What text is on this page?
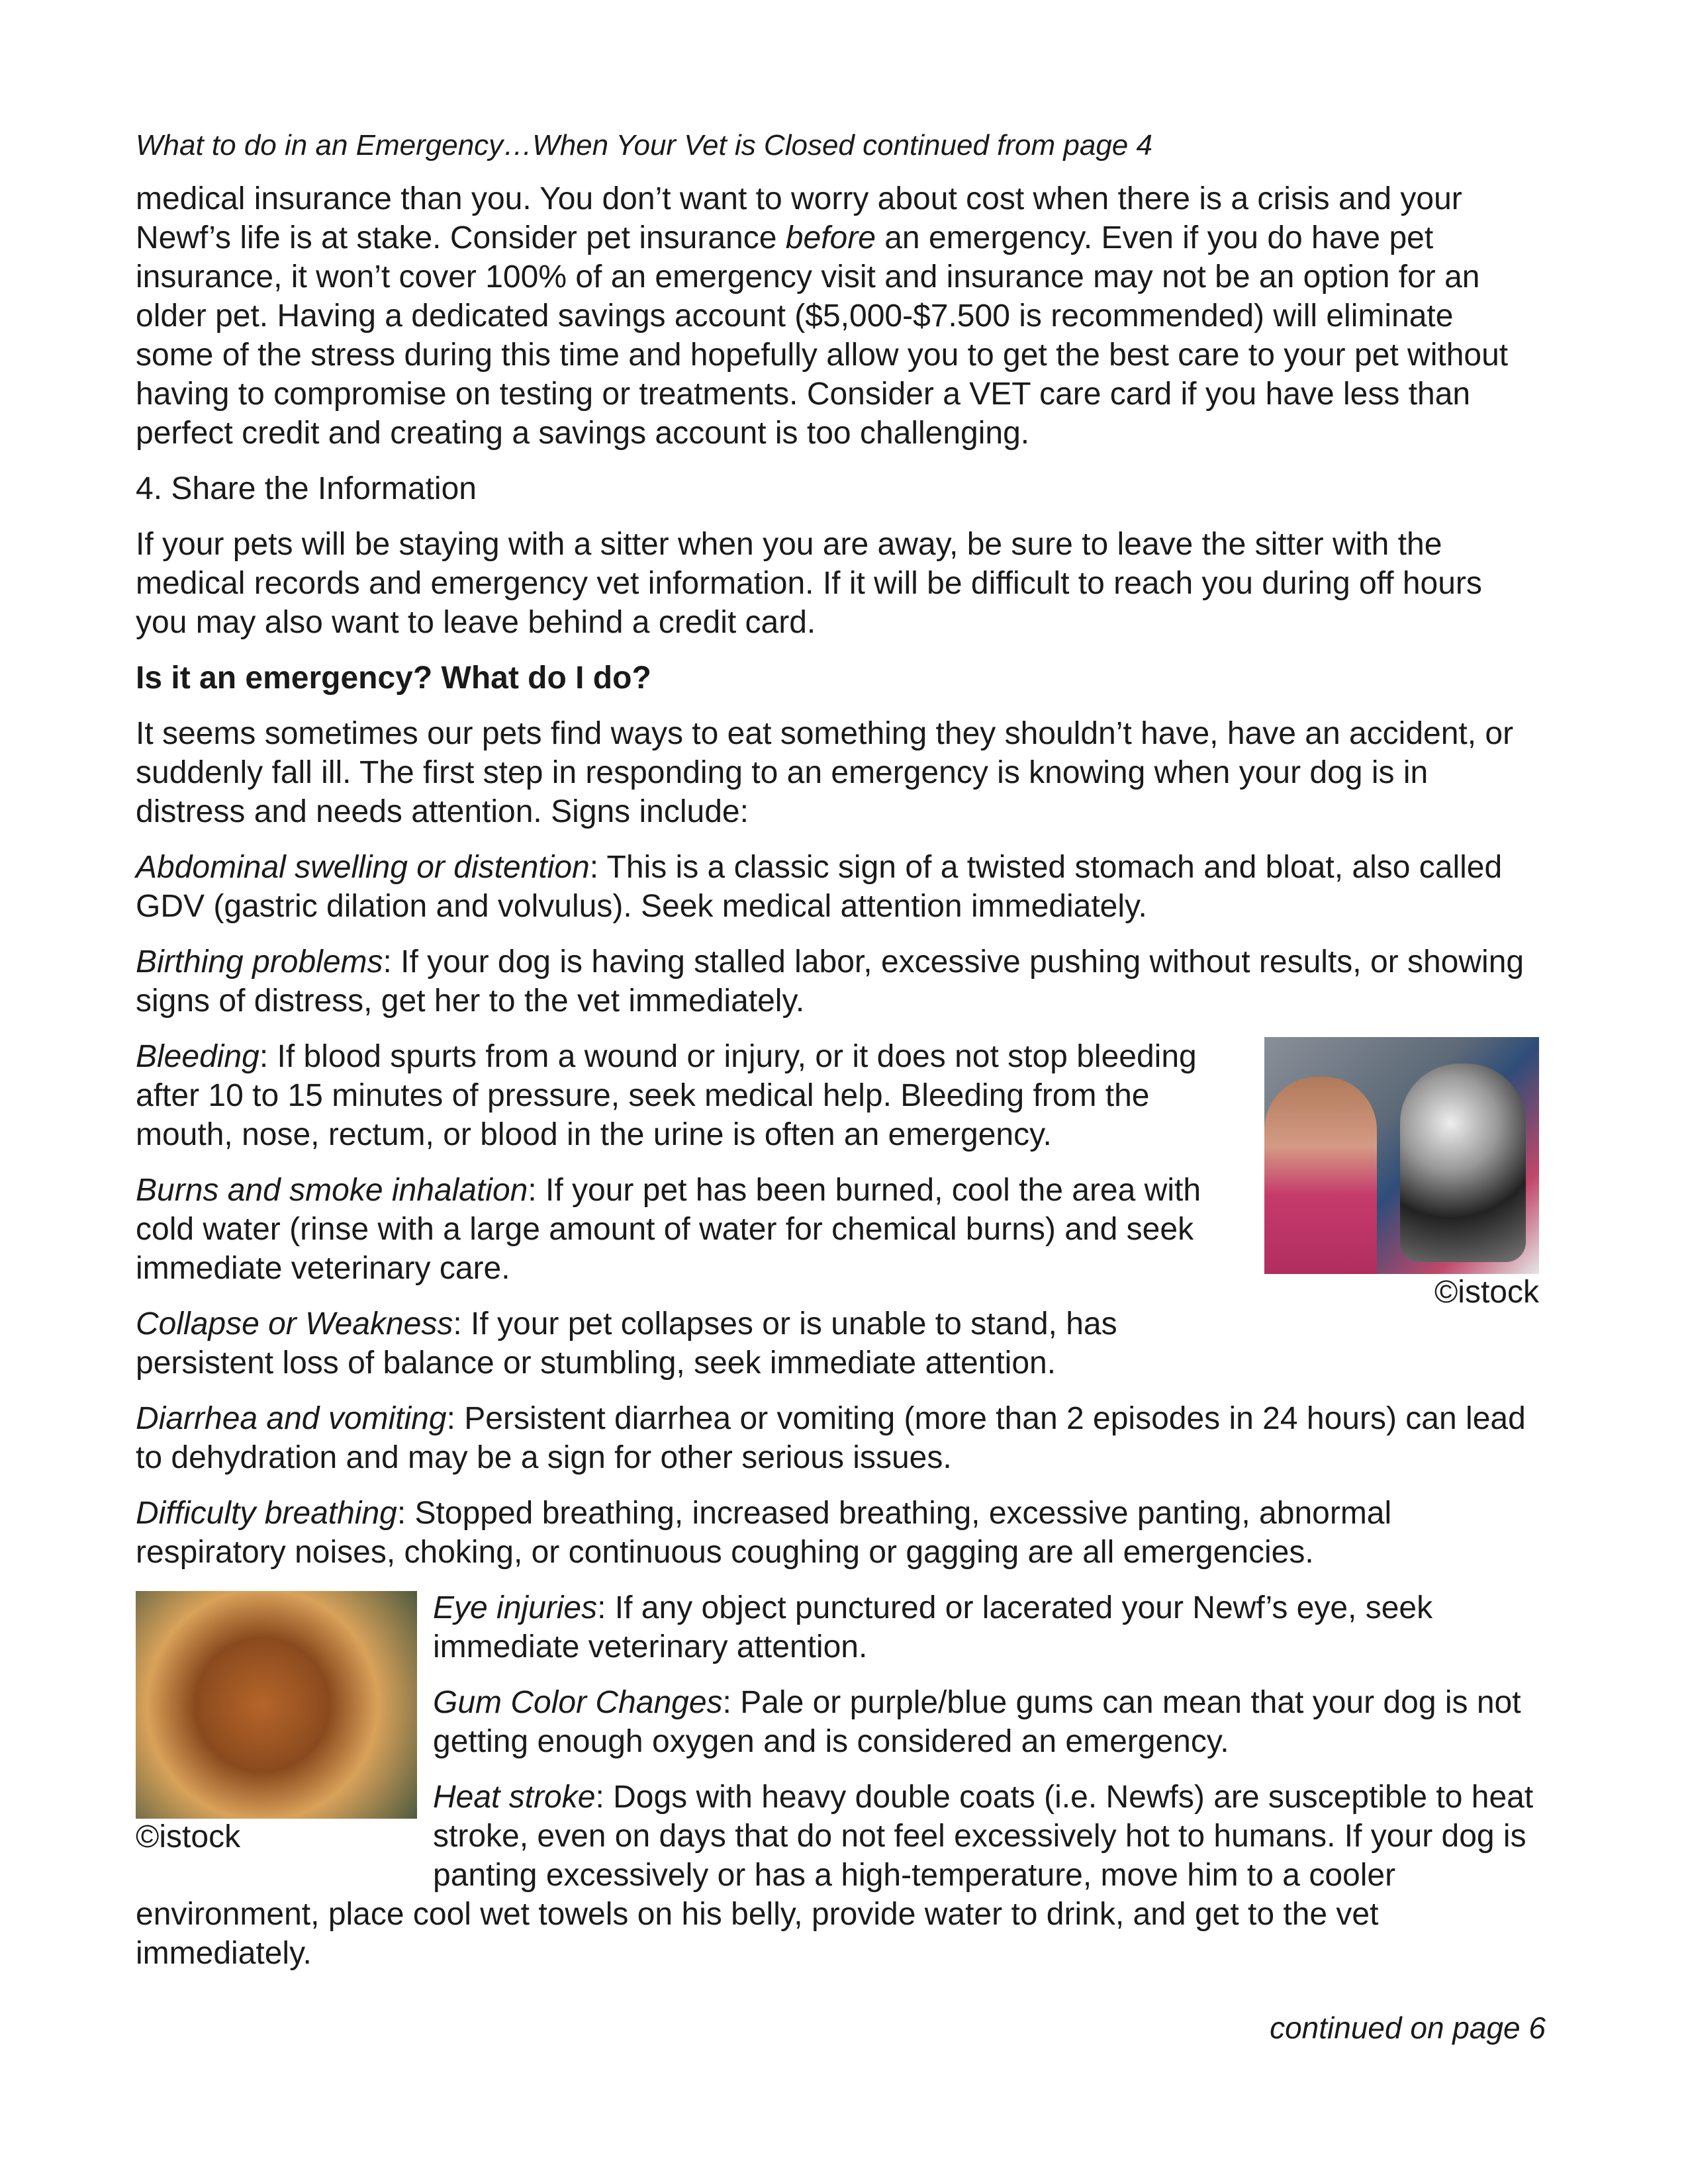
What to do in an Emergency…When Your Vet is Closed continued from page 4

medical insurance than you. You don’t want to worry about cost when there is a crisis and your Newf’s life is at stake. Consider pet insurance before an emergency. Even if you do have pet insurance, it won’t cover 100% of an emergency visit and insurance may not be an option for an older pet. Having a dedicated savings account ($5,000-$7.500 is recommended) will eliminate some of the stress during this time and hopefully allow you to get the best care to your pet without having to compromise on testing or treatments. Consider a VET care card if you have less than perfect credit and creating a savings account is too challenging.

4. Share the Information

If your pets will be staying with a sitter when you are away, be sure to leave the sitter with the medical records and emergency vet information. If it will be difficult to reach you during off hours you may also want to leave behind a credit card.

Is it an emergency? What do I do?

It seems sometimes our pets find ways to eat something they shouldn’t have, have an accident, or suddenly fall ill. The first step in responding to an emergency is knowing when your dog is in distress and needs attention. Signs include:

Abdominal swelling or distention: This is a classic sign of a twisted stomach and bloat, also called GDV (gastric dilation and volvulus). Seek medical attention immediately.

Birthing problems: If your dog is having stalled labor, excessive pushing without results, or showing signs of distress, get her to the vet immediately.

©istock

Bleeding: If blood spurts from a wound or injury, or it does not stop bleeding after 10 to 15 minutes of pressure, seek medical help. Bleeding from the mouth, nose, rectum, or blood in the urine is often an emergency.

Burns and smoke inhalation: If your pet has been burned, cool the area with cold water (rinse with a large amount of water for chemical burns) and seek immediate veterinary care.

Collapse or Weakness: If your pet collapses or is unable to stand, has persistent loss of balance or stumbling, seek immediate attention.

Diarrhea and vomiting: Persistent diarrhea or vomiting (more than 2 episodes in 24 hours) can lead to dehydration and may be a sign for other serious issues.

Difficulty breathing: Stopped breathing, increased breathing, excessive panting, abnormal respiratory noises, choking, or continuous coughing or gagging are all emergencies.

©istock

Eye injuries: If any object punctured or lacerated your Newf’s eye, seek immediate veterinary attention.

Gum Color Changes: Pale or purple/blue gums can mean that your dog is not getting enough oxygen and is considered an emergency.

Heat stroke: Dogs with heavy double coats (i.e. Newfs) are susceptible to heat stroke, even on days that do not feel excessively hot to humans. If your dog is panting excessively or has a high-temperature, move him to a cooler environment, place cool wet towels on his belly, provide water to drink, and get to the vet immediately.

continued on page 6
